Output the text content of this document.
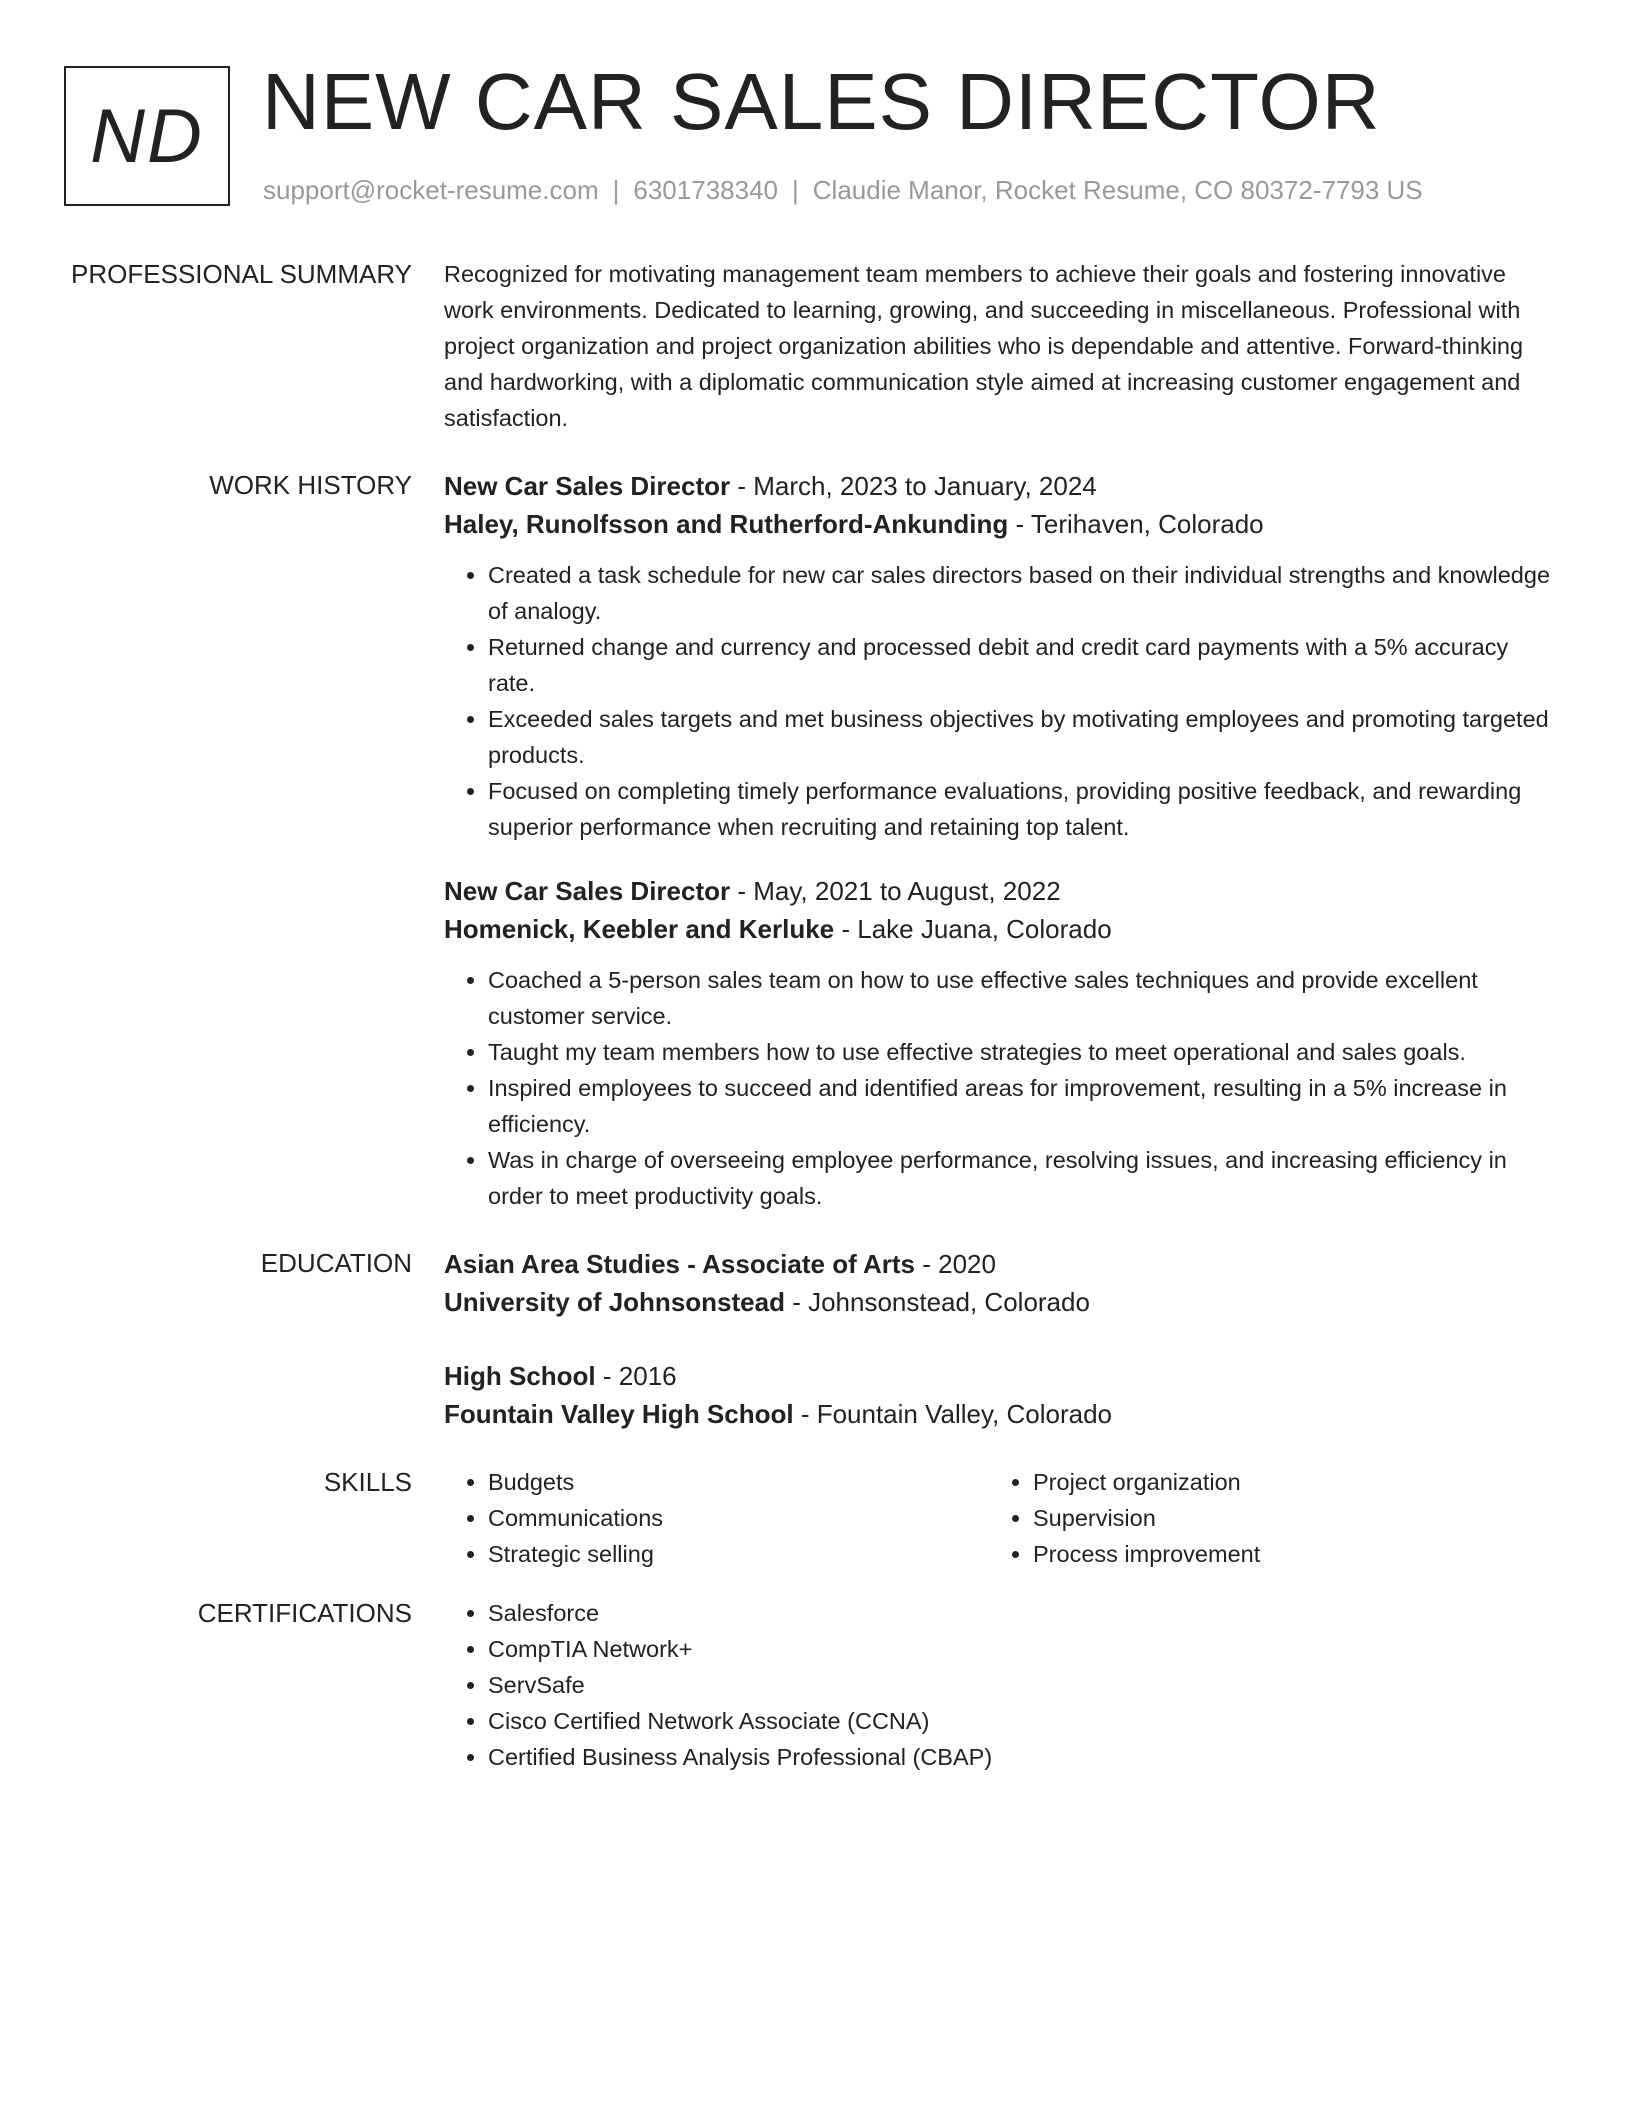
ND NEW CAR SALES DIRECTOR
support@rocket-resume.com | 6301738340 | Claudie Manor, Rocket Resume, CO 80372-7793 US
PROFESSIONAL SUMMARY Recognized for motivating management team members to achieve their goals and fostering innovative work environments. Dedicated to learning, growing, and succeeding in miscellaneous. Professional with project organization and project organization abilities who is dependable and attentive. Forward-thinking and hardworking, with a diplomatic communication style aimed at increasing customer engagement and satisfaction.

WORK HISTORY New Car Sales Director - March, 2023 to January, 2024
Haley, Runolfsson and Rutherford-Ankunding - Terihaven, Colorado
• Created a task schedule for new car sales directors based on their individual strengths and knowledge of analogy.
• Returned change and currency and processed debit and credit card payments with a 5% accuracy rate.
• Exceeded sales targets and met business objectives by motivating employees and promoting targeted products.
• Focused on completing timely performance evaluations, providing positive feedback, and rewarding superior performance when recruiting and retaining top talent.
New Car Sales Director - May, 2021 to August, 2022
Homenick, Keebler and Kerluke - Lake Juana, Colorado
• Coached a 5-person sales team on how to use effective sales techniques and provide excellent customer service.
• Taught my team members how to use effective strategies to meet operational and sales goals.
• Inspired employees to succeed and identified areas for improvement, resulting in a 5% increase in efficiency.
• Was in charge of overseeing employee performance, resolving issues, and increasing efficiency in order to meet productivity goals.
EDUCATION Asian Area Studies - Associate of Arts - 2020
University of Johnsonstead - Johnsonstead, Colorado
High School - 2016
Fountain Valley High School - Fountain Valley, Colorado
SKILLS	• Budgets
• Communications
• Strategic selling
• Project organization
• Supervision
• Process improvement
CERTIFICATIONS	• Salesforce
• CompTIA Network+
• ServSafe
• Cisco Certified Network Associate (CCNA)
• Certified Business Analysis Professional (CBAP)
